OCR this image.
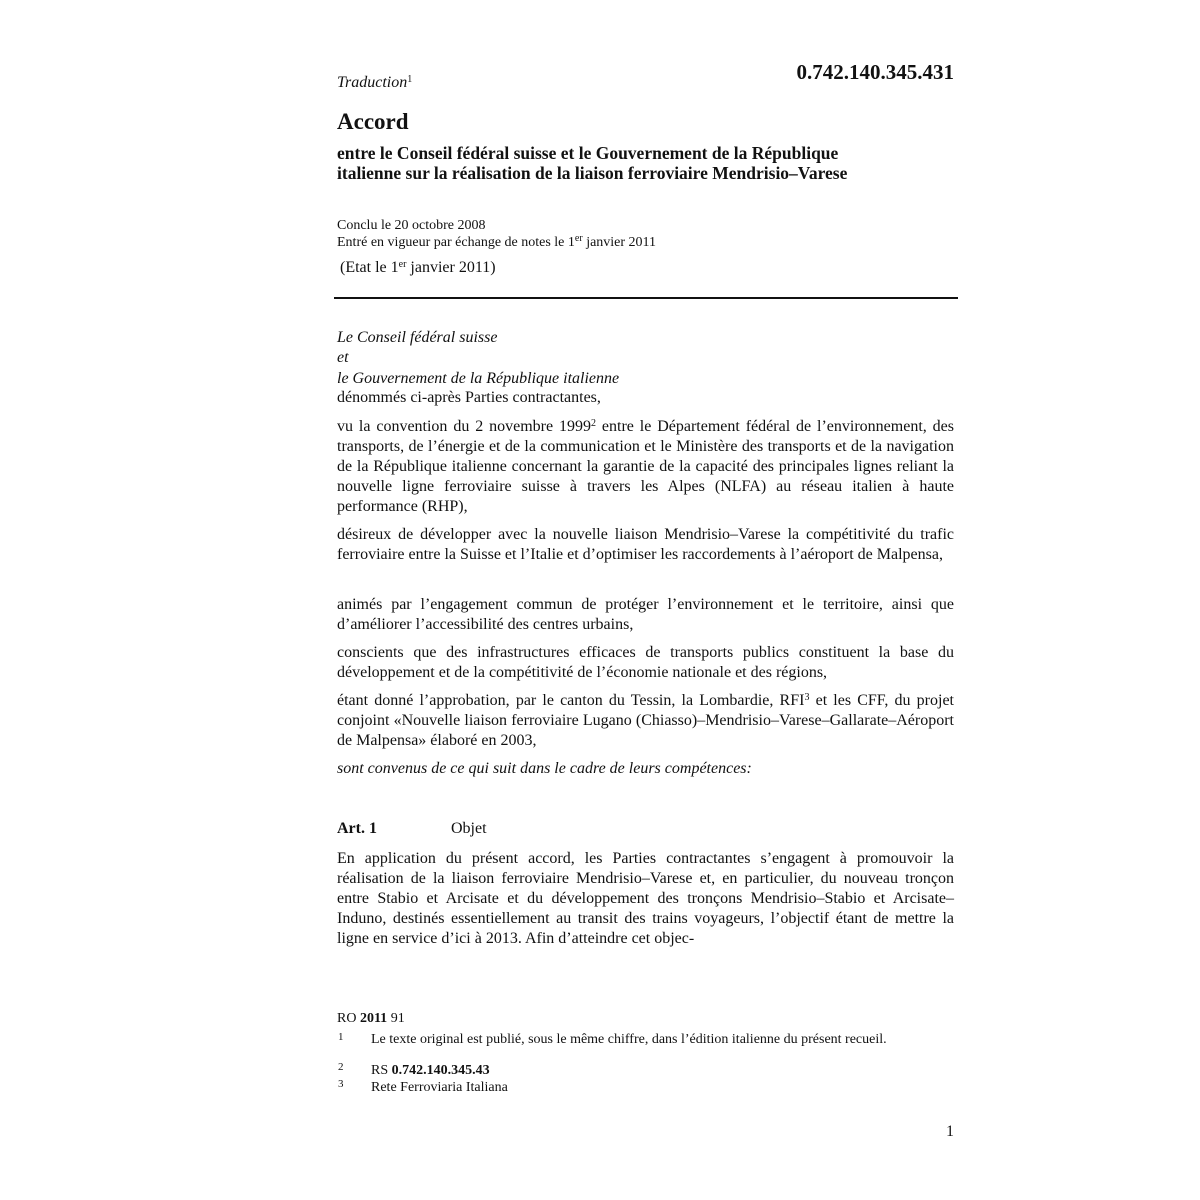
0.742.140.345.431
Traduction$^1$
Accord
entre le Conseil fédéral suisse et le Gouvernement de la République
italienne sur la réalisation de la liaison ferroviaire Mendrisio–Varese
Conclu le 20 octobre 2008
Entré en vigueur par échange de notes le 1er janvier 2011
(Etat le 1er janvier 2011)
Le Conseil fédéral suisse
et
le Gouvernement de la République italienne
dénommés ci-après Parties contractantes,
vu la convention du 2 novembre 1999$^2$ entre le Département fédéral de l’environnement, des transports, de l’énergie et de la communication et le Ministère des transports et de la navigation de la République italienne concernant la garantie de la capacité des principales lignes reliant la nouvelle ligne ferroviaire suisse à travers les Alpes (NLFA) au réseau italien à haute performance (RHP),
désireux de développer avec la nouvelle liaison Mendrisio–Varese la compétitivité du trafic ferroviaire entre la Suisse et l’Italie et d’optimiser les raccordements à l’aéroport de Malpensa,
animés par l’engagement commun de protéger l’environnement et le territoire, ainsi que d’améliorer l’accessibilité des centres urbains,
conscients que des infrastructures efficaces de transports publics constituent la base du développement et de la compétitivité de l’économie nationale et des régions,
étant donné l’approbation, par le canton du Tessin, la Lombardie, RFI$^3$ et les CFF, du projet conjoint «Nouvelle liaison ferroviaire Lugano (Chiasso)–Mendrisio–Varese–Gallarate–Aéroport de Malpensa» élaboré en 2003,
sont convenus de ce qui suit dans le cadre de leurs compétences:
Art. 1	Objet
En application du présent accord, les Parties contractantes s’engagent à promouvoir la réalisation de la liaison ferroviaire Mendrisio–Varese et, en particulier, du nouveau tronçon entre Stabio et Arcisate et du développement des tronçons Mendrisio–Stabio et Arcisate–Induno, destinés essentiellement au transit des trains voyageurs, l’objectif étant de mettre la ligne en service d’ici à 2013. Afin d’atteindre cet objec-
RO 2011 91
1 Le texte original est publié, sous le même chiffre, dans l’édition italienne du présent recueil.
2 RS 0.742.140.345.43
3 Rete Ferroviaria Italiana
1
